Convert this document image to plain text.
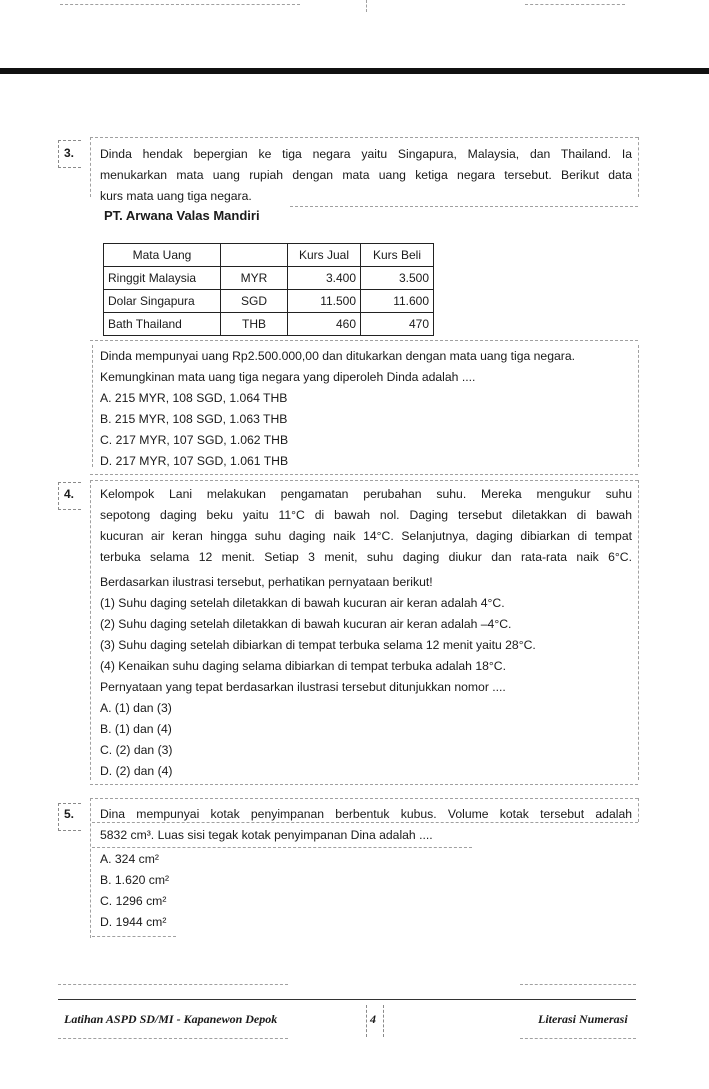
3. Dinda hendak bepergian ke tiga negara yaitu Singapura, Malaysia, dan Thailand. Ia
menukarkan mata uang rupiah dengan mata uang ketiga negara tersebut. Berikut data
kurs mata uang tiga negara.
PT. Arwana Valas Mandiri
Mata Uang		Kurs Jual	Kurs Beli
Ringgit Malaysia	MYR	3.400	3.500
Dolar Singapura	SGD	11.500	11.600
Bath Thailand	THB	460	470
Dinda mempunyai uang Rp2.500.000,00 dan ditukarkan dengan mata uang tiga negara.
Kemungkinan mata uang tiga negara yang diperoleh Dinda adalah ....
A. 215 MYR, 108 SGD, 1.064 THB
B. 215 MYR, 108 SGD, 1.063 THB
C. 217 MYR, 107 SGD, 1.062 THB
D. 217 MYR, 107 SGD, 1.061 THB
4. Kelompok Lani melakukan pengamatan perubahan suhu. Mereka mengukur suhu
sepotong daging beku yaitu 11°C di bawah nol. Daging tersebut diletakkan di bawah
kucuran air keran hingga suhu daging naik 14°C. Selanjutnya, daging dibiarkan di tempat
terbuka selama 12 menit. Setiap 3 menit, suhu daging diukur dan rata-rata naik 6°C.
Berdasarkan ilustrasi tersebut, perhatikan pernyataan berikut!
(1) Suhu daging setelah diletakkan di bawah kucuran air keran adalah 4°C.
(2) Suhu daging setelah diletakkan di bawah kucuran air keran adalah –4°C.
(3) Suhu daging setelah dibiarkan di tempat terbuka selama 12 menit yaitu 28°C.
(4) Kenaikan suhu daging selama dibiarkan di tempat terbuka adalah 18°C.
Pernyataan yang tepat berdasarkan ilustrasi tersebut ditunjukkan nomor ....
A. (1) dan (3)
B. (1) dan (4)
C. (2) dan (3)
D. (2) dan (4)
5. Dina mempunyai kotak penyimpanan berbentuk kubus. Volume kotak tersebut adalah
5832 cm³. Luas sisi tegak kotak penyimpanan Dina adalah ....
A. 324 cm²
B. 1.620 cm²
C. 1296 cm²
D. 1944 cm²
Latihan ASPD SD/MI - Kapanewon Depok	4	Literasi Numerasi
